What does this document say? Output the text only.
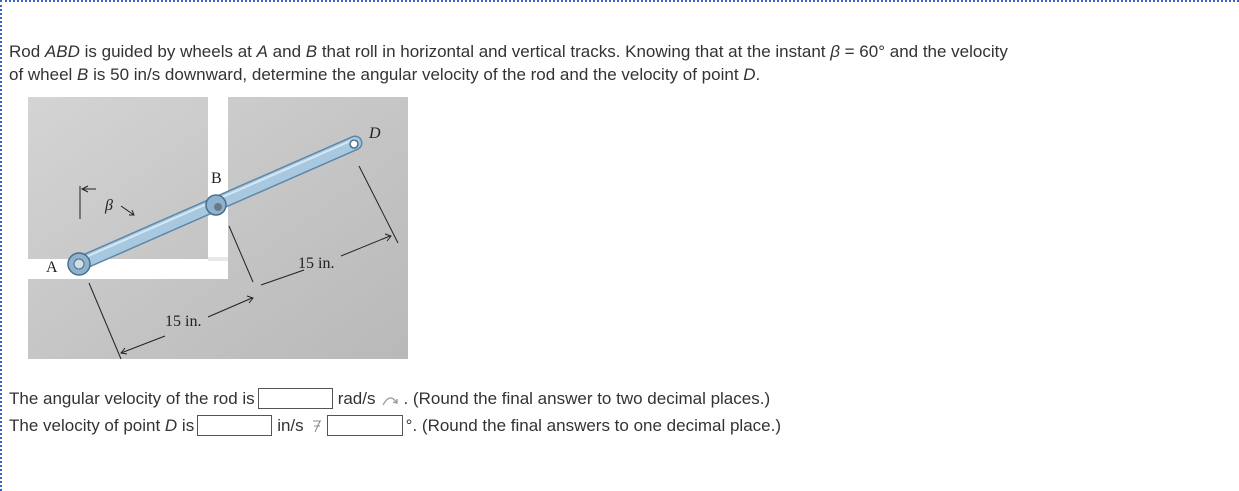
Rod ABD is guided by wheels at A and B that roll in horizontal and vertical tracks. Knowing that at the instant β = 60° and the velocity
of wheel B is 50 in/s downward, determine the angular velocity of the rod and the velocity of point D.
A
B
D
β
15 in.
15 in.
The angular velocity of the rod is	rad/s . (Round the final answer to two decimal places.)
The velocity of point D is	in/s	°. (Round the final answers to one decimal place.)
